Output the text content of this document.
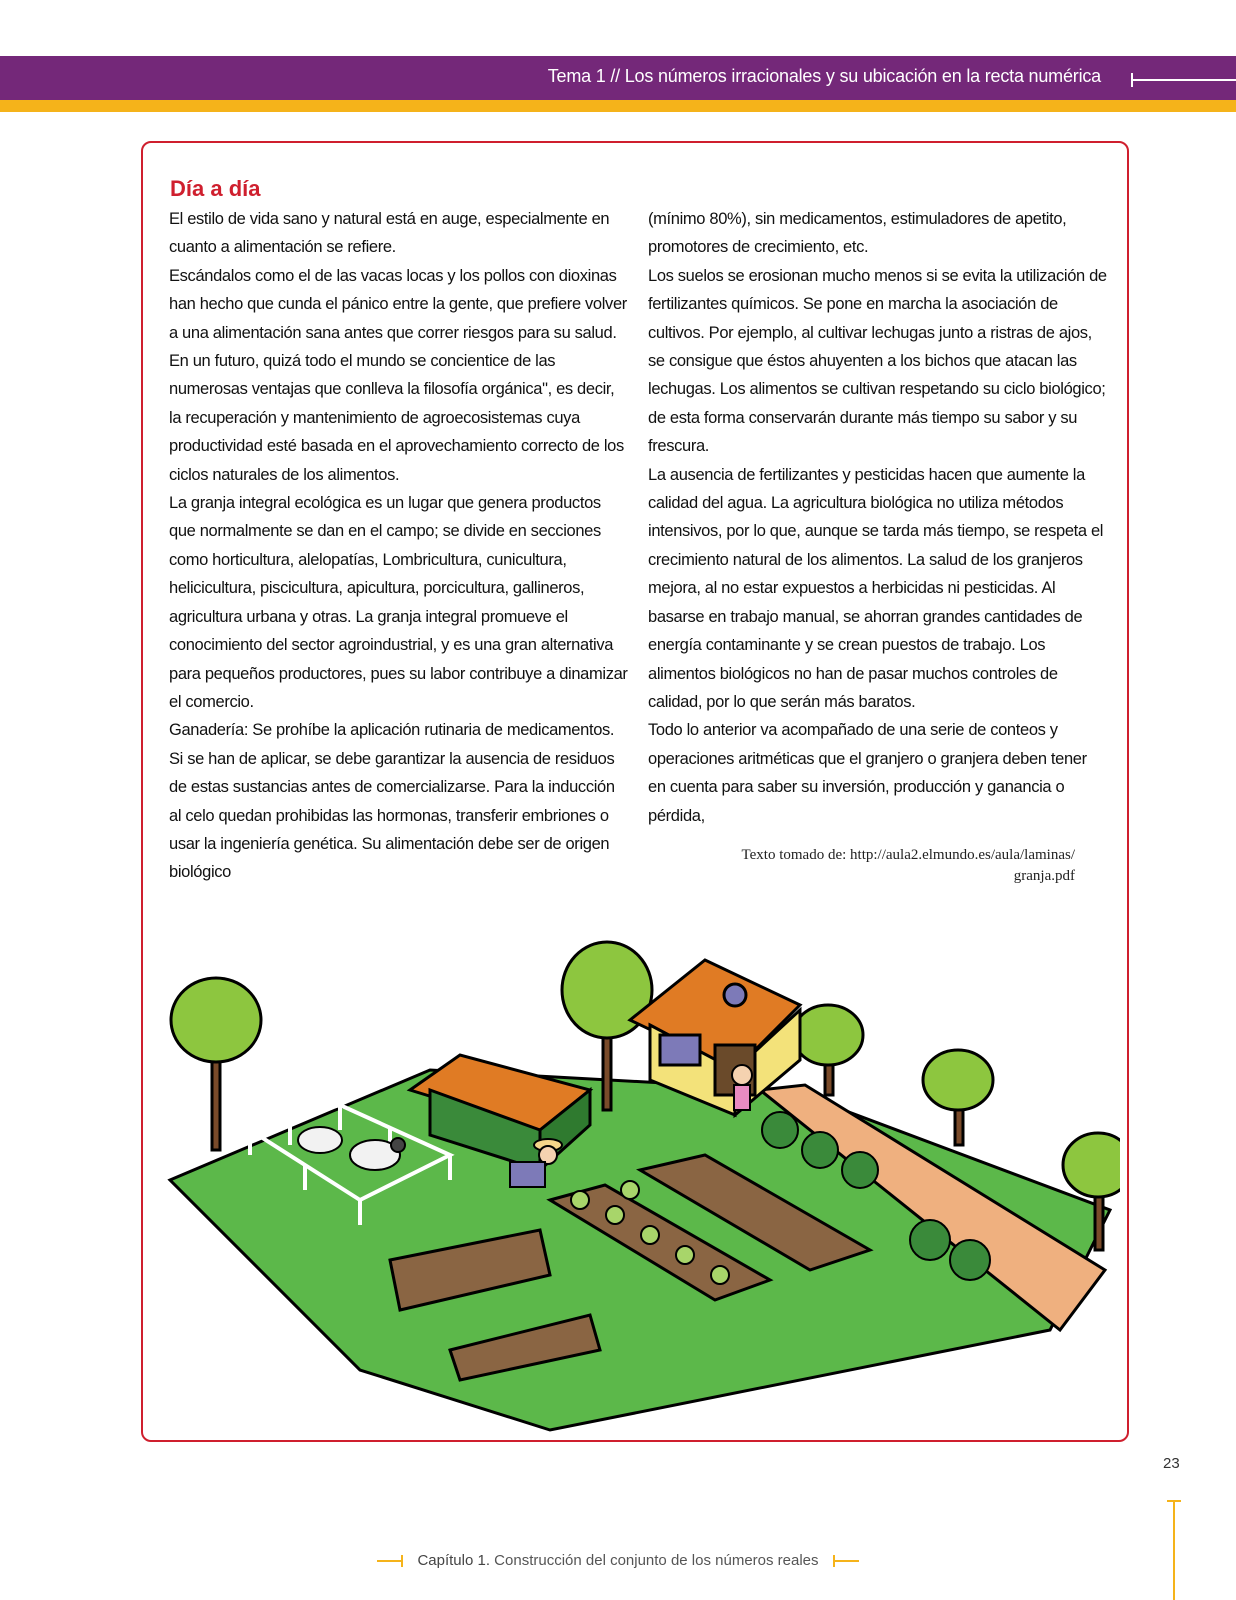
Tema 1 // Los números irracionales y su ubicación en la recta numérica
Día a día

El estilo de vida sano y natural está en auge, especialmente en cuanto a alimentación se refiere.

Escándalos como el de las vacas locas y los pollos con dioxinas han hecho que cunda el pánico entre la gente, que prefiere volver a una alimentación sana antes que correr riesgos para su salud.

En un futuro, quizá todo el mundo se concientice de las numerosas ventajas que conlleva la filosofía orgánica", es decir, la recuperación y mantenimiento de agroecosistemas cuya productividad esté basada en el aprovechamiento correcto de los ciclos naturales de los alimentos.

La granja integral ecológica es un lugar que genera productos que normalmente se dan en el campo; se divide en secciones como horticultura, alelopatías, Lombricultura, cunicultura, helicicultura, piscicultura, apicultura, porcicultura, gallineros, agricultura urbana y otras. La granja integral promueve el conocimiento del sector agroindustrial, y es una gran alternativa para pequeños productores, pues su labor contribuye a dinamizar el comercio.

Ganadería: Se prohíbe la aplicación rutinaria de medicamentos. Si se han de aplicar, se debe garantizar la ausencia de residuos de estas sustancias antes de comercializarse. Para la inducción al celo quedan prohibidas las hormonas, transferir embriones o usar la ingeniería genética. Su alimentación debe ser de origen biológico

(mínimo 80%), sin medicamentos, estimuladores de apetito, promotores de crecimiento, etc.

Los suelos se erosionan mucho menos si se evita la utilización de fertilizantes químicos. Se pone en marcha la asociación de cultivos. Por ejemplo, al cultivar lechugas junto a ristras de ajos, se consigue que éstos ahuyenten a los bichos que atacan las lechugas. Los alimentos se cultivan respetando su ciclo biológico; de esta forma conservarán durante más tiempo su sabor y su frescura.

La ausencia de fertilizantes y pesticidas hacen que aumente la calidad del agua. La agricultura biológica no utiliza métodos intensivos, por lo que, aunque se tarda más tiempo, se respeta el crecimiento natural de los alimentos. La salud de los granjeros mejora, al no estar expuestos a herbicidas ni pesticidas. Al basarse en trabajo manual, se ahorran grandes cantidades de energía contaminante y se crean puestos de trabajo. Los alimentos biológicos no han de pasar muchos controles de calidad, por lo que serán más baratos.

Todo lo anterior va acompañado de una serie de conteos y operaciones aritméticas que el granjero o granjera deben tener en cuenta para saber su inversión, producción y ganancia o pérdida,

Texto tomado de: http://aula2.elmundo.es/aula/laminas/
granja.pdf
23
Capítulo 1. Construcción del conjunto de los números reales
